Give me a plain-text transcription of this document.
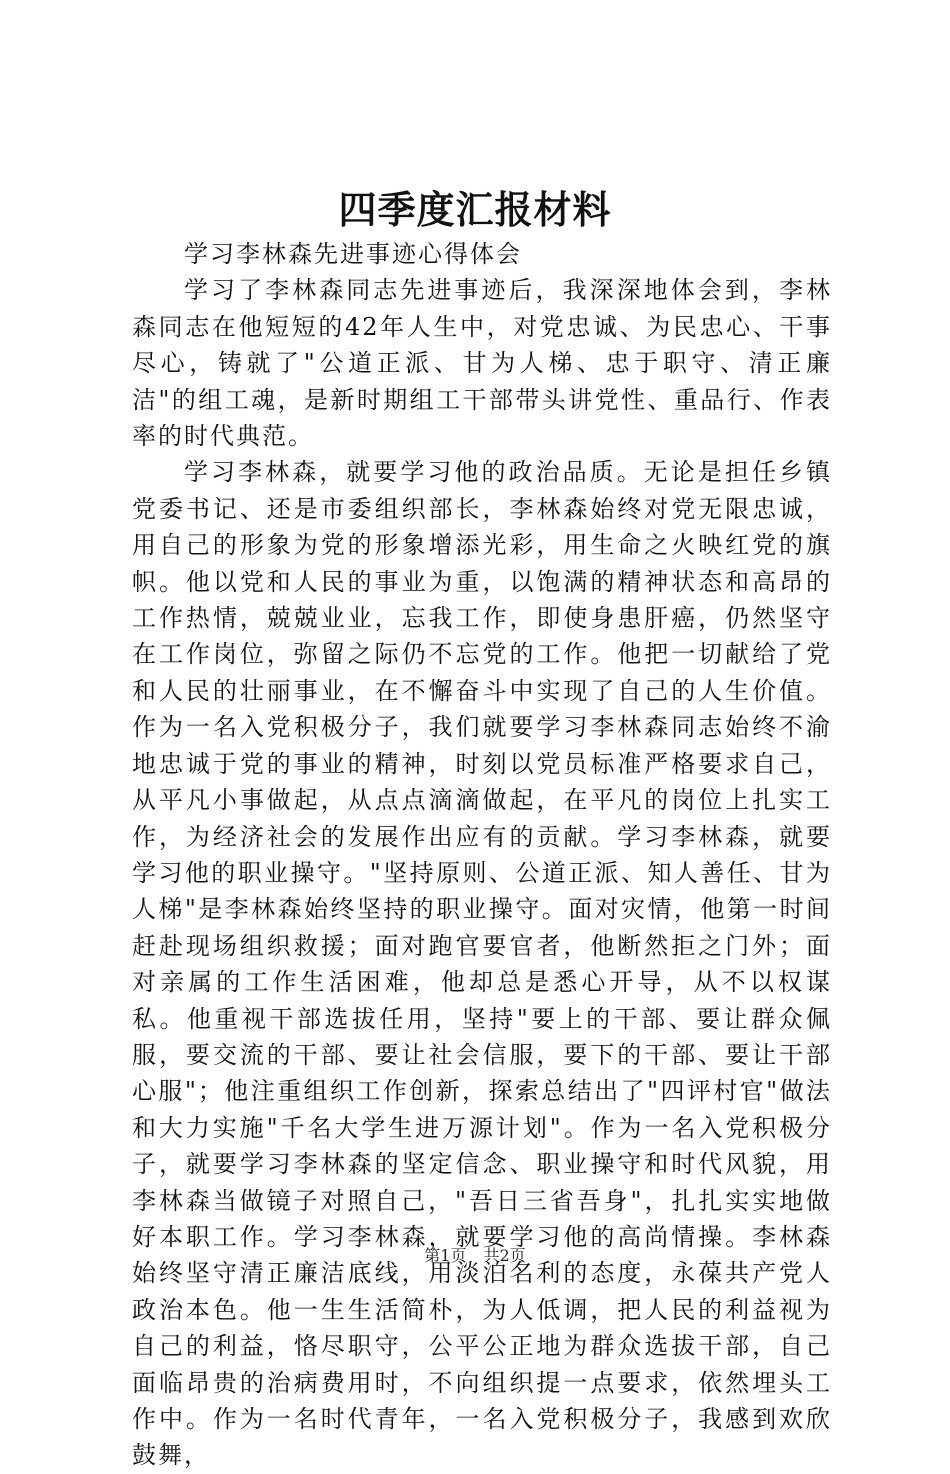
四季度汇报材料

学习李林森先进事迹心得体会

学习了李林森同志先进事迹后，我深深地体会到，李林森同志在他短短的42年人生中，对党忠诚、为民忠心、干事尽心，铸就了"公道正派、甘为人梯、忠于职守、清正廉洁"的组工魂，是新时期组工干部带头讲党性、重品行、作表率的时代典范。

学习李林森，就要学习他的政治品质。无论是担任乡镇党委书记、还是市委组织部长，李林森始终对党无限忠诚，用自己的形象为党的形象增添光彩，用生命之火映红党的旗帜。他以党和人民的事业为重，以饱满的精神状态和高昂的工作热情，兢兢业业，忘我工作，即使身患肝癌，仍然坚守在工作岗位，弥留之际仍不忘党的工作。他把一切献给了党和人民的壮丽事业，在不懈奋斗中实现了自己的人生价值。作为一名入党积极分子，我们就要学习李林森同志始终不渝地忠诚于党的事业的精神，时刻以党员标准严格要求自己，从平凡小事做起，从点点滴滴做起，在平凡的岗位上扎实工作，为经济社会的发展作出应有的贡献。学习李林森，就要学习他的职业操守。"坚持原则、公道正派、知人善任、甘为人梯"是李林森始终坚持的职业操守。面对灾情，他第一时间赶赴现场组织救援；面对跑官要官者，他断然拒之门外；面对亲属的工作生活困难，他却总是悉心开导，从不以权谋私。他重视干部选拔任用，坚持"要上的干部、要让群众佩服，要交流的干部、要让社会信服，要下的干部、要让干部心服"；他注重组织工作创新，探索总结出了"四评村官"做法和大力实施"千名大学生进万源计划"。作为一名入党积极分子，就要学习李林森的坚定信念、职业操守和时代风貌，用李林森当做镜子对照自己，"吾日三省吾身"，扎扎实实地做好本职工作。学习李林森，就要学习他的高尚情操。李林森始终坚守清正廉洁底线，用淡泊名利的态度，永葆共产党人政治本色。他一生生活简朴，为人低调，把人民的利益视为自己的利益，恪尽职守，公平公正地为群众选拔干部，自己面临昂贵的治病费用时，不向组织提一点要求，依然埋头工作中。作为一名时代青年，一名入党积极分子，我感到欢欣鼓舞，

第1页 共2页
